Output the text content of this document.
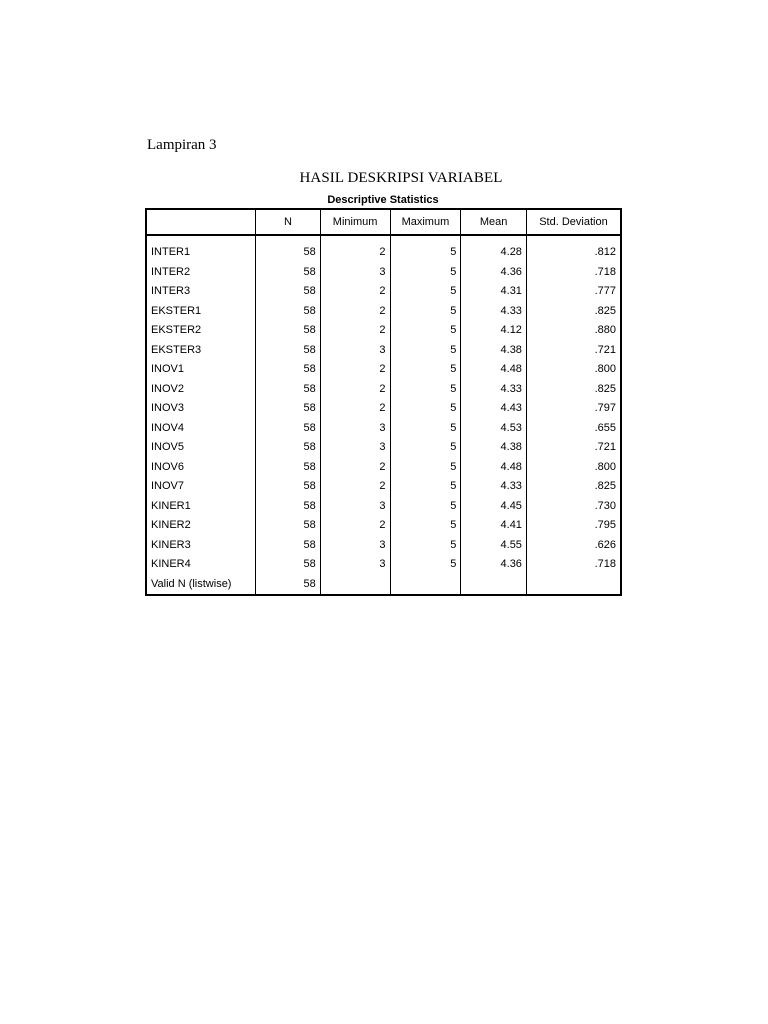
Lampiran 3
HASIL DESKRIPSI VARIABEL
Descriptive Statistics
	N	Minimum	Maximum	Mean	Std. Deviation
INTER1	58	2	5	4.28	.812
INTER2	58	3	5	4.36	.718
INTER3	58	2	5	4.31	.777
EKSTER1	58	2	5	4.33	.825
EKSTER2	58	2	5	4.12	.880
EKSTER3	58	3	5	4.38	.721
INOV1	58	2	5	4.48	.800
INOV2	58	2	5	4.33	.825
INOV3	58	2	5	4.43	.797
INOV4	58	3	5	4.53	.655
INOV5	58	3	5	4.38	.721
INOV6	58	2	5	4.48	.800
INOV7	58	2	5	4.33	.825
KINER1	58	3	5	4.45	.730
KINER2	58	2	5	4.41	.795
KINER3	58	3	5	4.55	.626
KINER4	58	3	5	4.36	.718
Valid N (listwise)	58				
